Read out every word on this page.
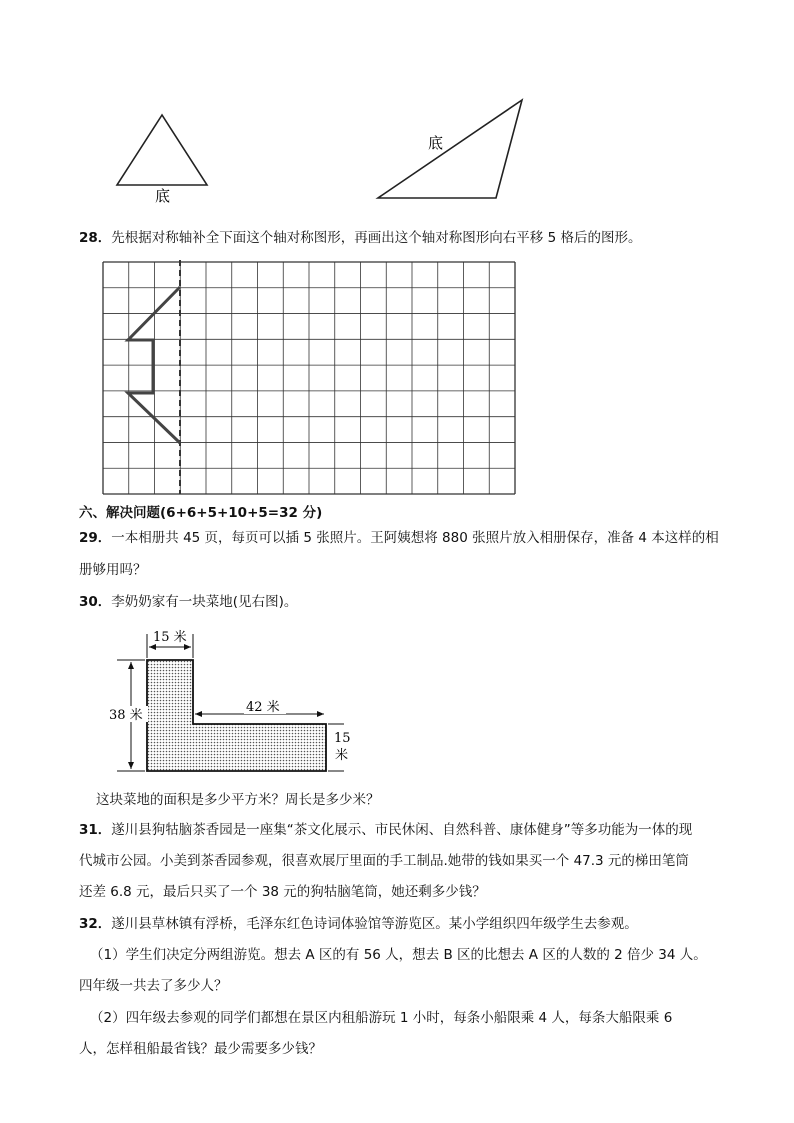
底
底
28．先根据对称轴补全下面这个轴对称图形，再画出这个轴对称图形向右平移 5 格后的图形。
六、解决问题(6+6+5+10+5=32 分)
29．一本相册共 45 页，每页可以插 5 张照片。王阿姨想将 880 张照片放入相册保存，准备 4 本这样的相
册够用吗？
30．李奶奶家有一块菜地(见右图)。
15 米
38 米
42 米
15
米
这块菜地的面积是多少平方米？周长是多少米？
31．遂川县狗牯脑茶香园是一座集“茶文化展示、市民休闲、自然科普、康体健身”等多功能为一体的现
代城市公园。小美到茶香园参观，很喜欢展厅里面的手工制品.她带的钱如果买一个 47.3 元的梯田笔筒
还差 6.8 元，最后只买了一个 38 元的狗牯脑笔筒，她还剩多少钱？
32．遂川县草林镇有浮桥，毛泽东红色诗词体验馆等游览区。某小学组织四年级学生去参观。
（1）学生们决定分两组游览。想去 A 区的有 56 人，想去 B 区的比想去 A 区的人数的 2 倍少 34 人。
四年级一共去了多少人？
（2）四年级去参观的同学们都想在景区内租船游玩 1 小时，每条小船限乘 4 人，每条大船限乘 6
人，怎样租船最省钱？最少需要多少钱？
